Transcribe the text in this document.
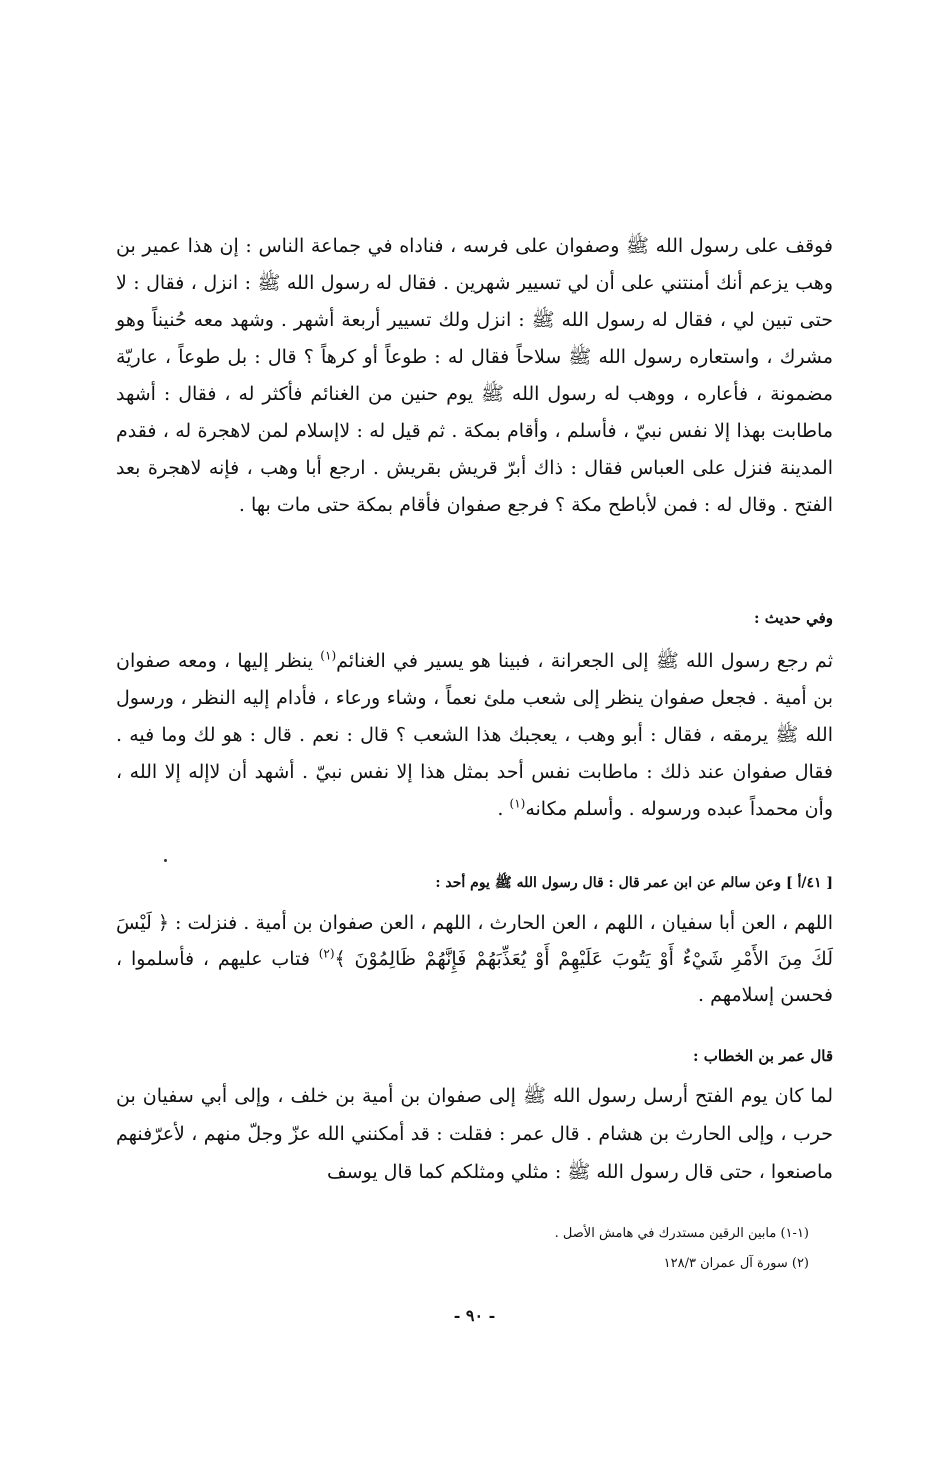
فوقف على رسول الله ﷺ وصفوان على فرسه ، فناداه في جماعة الناس : إن هذا عمير بن وهب يزعم أنك أمنتني على أن لي تسيير شهرين . فقال له رسول الله ﷺ : انزل ، فقال : لا حتى تبين لي ، فقال له رسول الله ﷺ : انزل ولك تسيير أربعة أشهر . وشهد معه حُنيناً وهو مشرك ، واستعاره رسول الله ﷺ سلاحاً فقال له : طوعاً أو كرهاً ؟ قال : بل طوعاً ، عاريّة مضمونة ، فأعاره ، ووهب له رسول الله ﷺ يوم حنين من الغنائم فأكثر له ، فقال : أشهد ماطابت بهذا إلا نفس نبيّ ، فأسلم ، وأقام بمكة . ثم قيل له : لاإسلام لمن لاهجرة له ، فقدم المدينة فنزل على العباس فقال : ذاك أبرّ قريش بقريش . ارجع أبا وهب ، فإنه لاهجرة بعد الفتح . وقال له : فمن لأباطح مكة ؟ فرجع صفوان فأقام بمكة حتى مات بها .

وفي حديث :

ثم رجع رسول الله ﷺ إلى الجعرانة ، فبينا هو يسير في الغنائم$^{(١)}$ ينظر إليها ، ومعه صفوان بن أمية . فجعل صفوان ينظر إلى شعب ملئ نعماً ، وشاء ورعاء ، فأدام إليه النظر ، ورسول الله ﷺ يرمقه ، فقال : أبو وهب ، يعجبك هذا الشعب ؟ قال : نعم . قال : هو لك وما فيه . فقال صفوان عند ذلك : ماطابت نفس أحد بمثل هذا إلا نفس نبيّ . أشهد أن لاإله إلا الله ، وأن محمداً عبده ورسوله . وأسلم مكانه$^{(١)}$ .

[ ٤١/أ ] وعن سالم عن ابن عمر قال : قال رسول الله ﷺ يوم أحد :

اللهم ، العن أبا سفيان ، اللهم ، العن الحارث ، اللهم ، العن صفوان بن أمية . فنزلت : ﴿ لَيْسَ لَكَ مِنَ الأَمْرِ شَيْءٌ أَوْ يَتُوبَ عَلَيْهِمْ أَوْ يُعَذِّبَهُمْ فَإِنَّهُمْ ظَالِمُوْنَ ﴾$^{(٢)}$ فتاب عليهم ، فأسلموا ، فحسن إسلامهم .

قال عمر بن الخطاب :

لما كان يوم الفتح أرسل رسول الله ﷺ إلى صفوان بن أمية بن خلف ، وإلى أبي سفيان بن حرب ، وإلى الحارث بن هشام . قال عمر : فقلت : قد أمكنني الله عزّ وجلّ منهم ، لأعرّفنهم ماصنعوا ، حتى قال رسول الله ﷺ : مثلي ومثلكم كما قال يوسف

(١-١) مابين الرقين مستدرك في هامش الأصل .
(٢) سورة آل عمران ١٢٨/٣
- ٩٠ -
